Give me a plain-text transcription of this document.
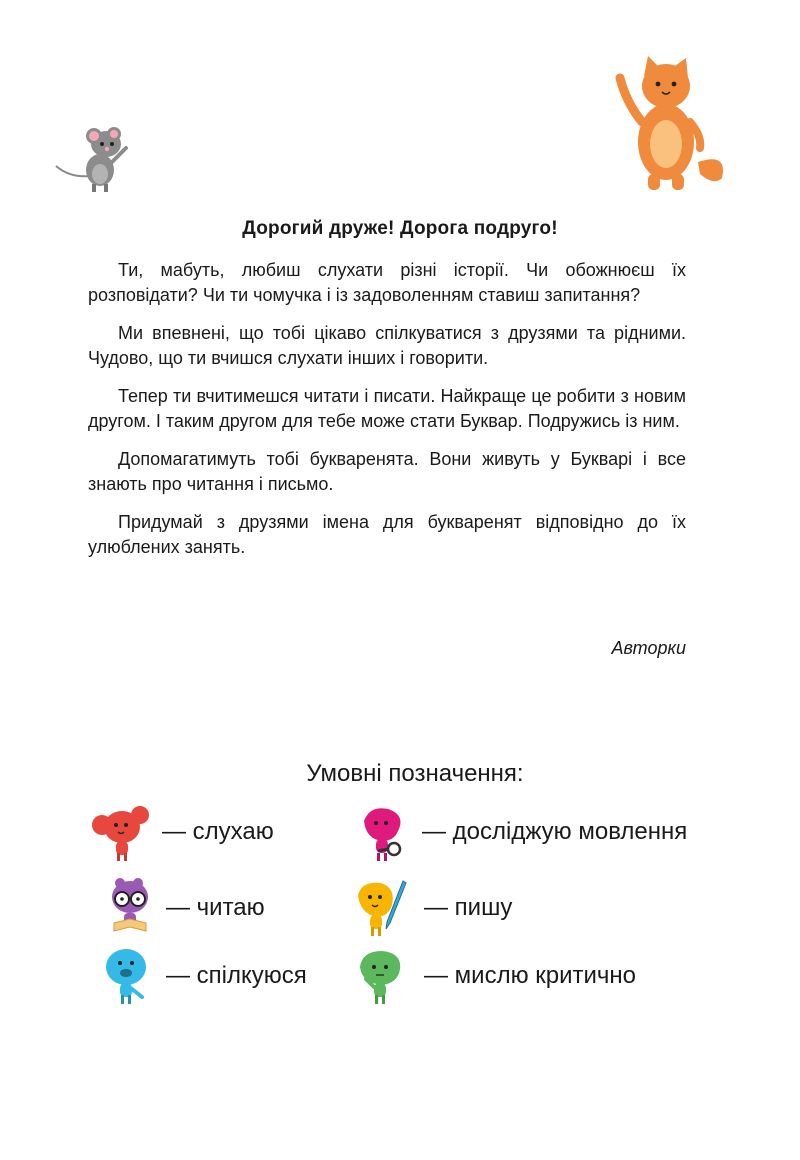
Дорогий друже! Дорога подруго!

Ти, мабуть, любиш слухати різні історії. Чи обожнюєш їх розповідати? Чи ти чомучка і із задоволенням ставиш запитання?

Ми впевнені, що тобі цікаво спілкуватися з друзями та рідними. Чудово, що ти вчишся слухати інших і говорити.

Тепер ти вчитимешся читати і писати. Найкраще це робити з новим другом. І таким другом для тебе може стати Буквар. Подружись із ним.

Допомагатимуть тобі букваренята. Вони живуть у Букварі і все знають про читання і письмо.

Придумай з друзями імена для букваренят відповідно до їх улюблених занять.

Авторки
Умовні позначення:
— слухаю	— досліджую мовлення
— читаю	— пишу
— спілкуюся	— мислю критично
